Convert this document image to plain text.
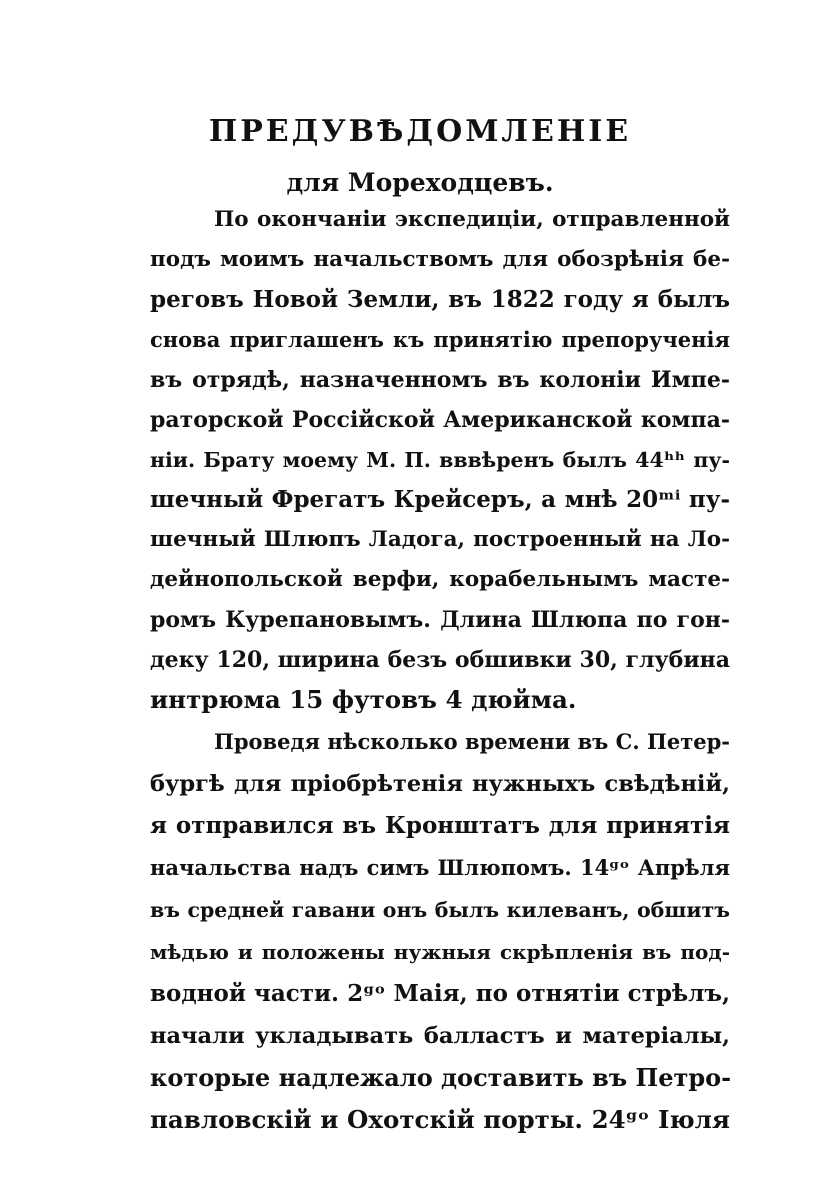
ПРЕДУВѢДОМЛЕНІЕ
для Мореходцевъ.

По окончаніи экспедиціи, отправленной

подъ моимъ начальствомъ для обозрѣнія бе-

реговъ Новой Земли, въ 1822 году я былъ

снова приглашенъ къ принятію препорученія

въ отрядѣ, назначенномъ въ колоніи Импе-

раторской Россійской Американской компа-

ніи. Брату моему М. П. вввѣренъ былъ 44ʰʰ пу-

шечный Фрегатъ Крейсеръ, а мнѣ 20ᵐⁱ пу-

шечный Шлюпъ Ладога, построенный на Ло-

дейнопольской верфи, корабельнымъ масте-

ромъ Курепановымъ. Длина Шлюпа по гон-

деку 120, ширина безъ обшивки 30, глубина

интрюма 15 футовъ 4 дюйма.

Проведя нѣсколько времени въ С. Петер-

бургѣ для пріобрѣтенія нужныхъ свѣдѣній,

я отправился въ Кронштатъ для принятія

начальства надъ симъ Шлюпомъ. 14ᵍᵒ Апрѣля

въ средней гавани онъ былъ килеванъ, обшитъ

мѣдью и положены нужныя скрѣпленія въ под-

водной части. 2ᵍᵒ Маія, по отнятіи стрѣлъ,

начали укладывать балластъ и матеріалы,

которые надлежало доставить въ Петро-

павловскій и Охотскій порты. 24ᵍᵒ Іюля
